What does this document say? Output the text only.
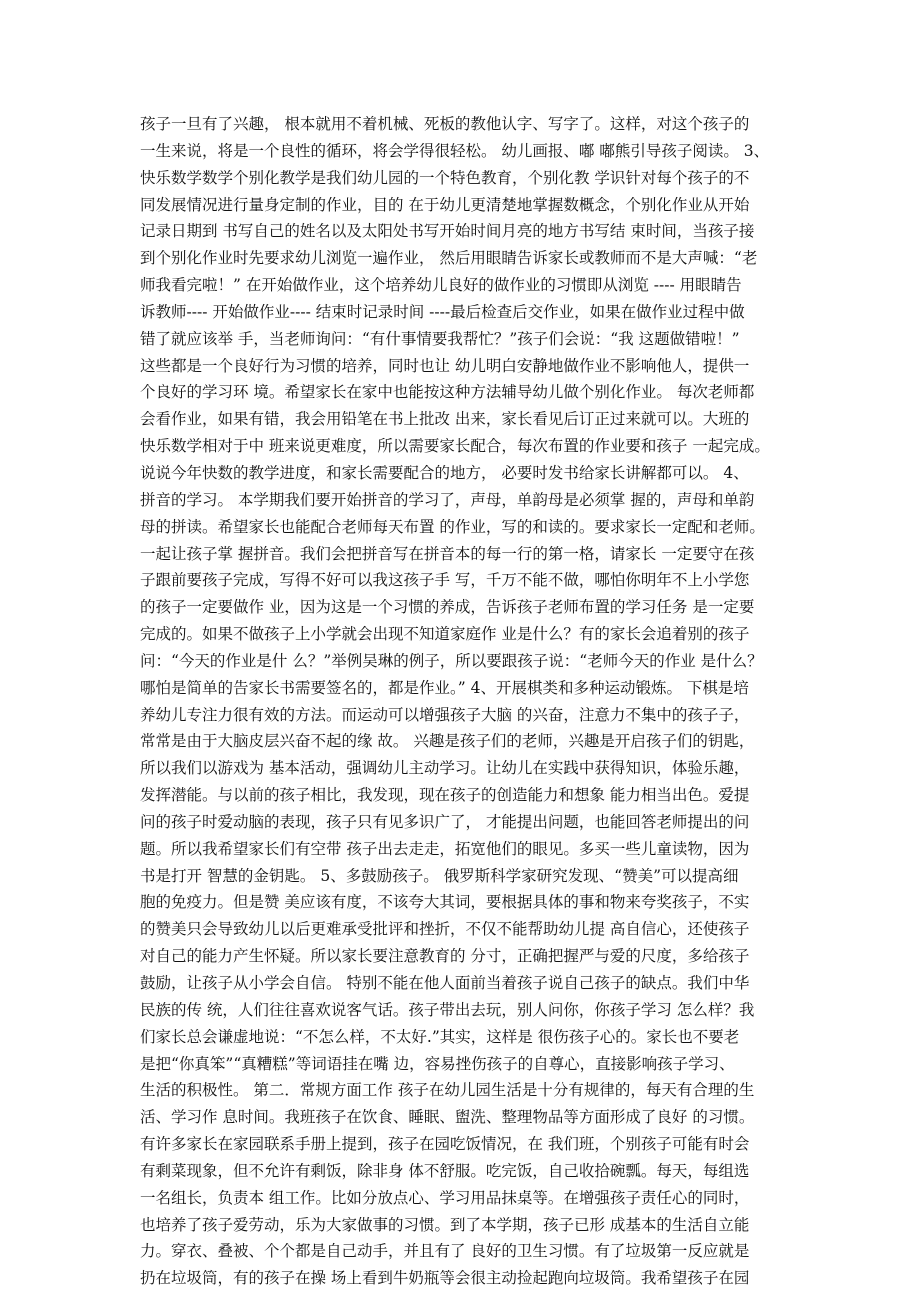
孩子一旦有了兴趣， 根本就用不着机械、死板的教他认字、写字了。这样，对这个孩子的
一生来说，将是一个良性的循环，将会学得很轻松。 幼儿画报、嘟 嘟熊引导孩子阅读。 3、
快乐数学数学个别化教学是我们幼儿园的一个特色教育，个别化教 学识针对每个孩子的不
同发展情况进行量身定制的作业，目的 在于幼儿更清楚地掌握数概念，个别化作业从开始
记录日期到 书写自己的姓名以及太阳处书写开始时间月亮的地方书写结 束时间，当孩子接
到个别化作业时先要求幼儿浏览一遍作业， 然后用眼睛告诉家长或教师而不是大声喊：“老
师我看完啦！” 在开始做作业，这个培养幼儿良好的做作业的习惯即从浏览 ---- 用眼睛告
诉教师---- 开始做作业---- 结束时记录时间 ----最后检查后交作业，如果在做作业过程中做
错了就应该举 手，当老师询问：“有什事情要我帮忙？”孩子们会说：“我 这题做错啦！”
这些都是一个良好行为习惯的培养，同时也让 幼儿明白安静地做作业不影响他人，提供一
个良好的学习环 境。希望家长在家中也能按这种方法辅导幼儿做个别化作业。 每次老师都
会看作业，如果有错，我会用铅笔在书上批改 出来，家长看见后订正过来就可以。大班的
快乐数学相对于中 班来说更难度，所以需要家长配合，每次布置的作业要和孩子 一起完成。
说说今年快数的教学进度，和家长需要配合的地方， 必要时发书给家长讲解都可以。 4、
拼音的学习。 本学期我们要开始拼音的学习了，声母，单韵母是必须掌 握的，声母和单韵
母的拼读。希望家长也能配合老师每天布置 的作业，写的和读的。要求家长一定配和老师。
一起让孩子掌 握拼音。我们会把拼音写在拼音本的每一行的第一格，请家长 一定要守在孩
子跟前要孩子完成，写得不好可以我这孩子手 写，千万不能不做，哪怕你明年不上小学您
的孩子一定要做作 业，因为这是一个习惯的养成，告诉孩子老师布置的学习任务 是一定要
完成的。如果不做孩子上小学就会出现不知道家庭作 业是什么？有的家长会追着别的孩子
问：“今天的作业是什 么？”举例吴琳的例子，所以要跟孩子说：“老师今天的作业 是什么？
哪怕是简单的告家长书需要签名的，都是作业。” 4、开展棋类和多种运动锻炼。 下棋是培
养幼儿专注力很有效的方法。而运动可以增强孩子大脑 的兴奋，注意力不集中的孩子子，
常常是由于大脑皮层兴奋不起的缘 故。 兴趣是孩子们的老师，兴趣是开启孩子们的钥匙，
所以我们以游戏为 基本活动，强调幼儿主动学习。让幼儿在实践中获得知识，体验乐趣，
发挥潜能。与以前的孩子相比，我发现，现在孩子的创造能力和想象 能力相当出色。爱提
问的孩子时爱动脑的表现，孩子只有见多识广了， 才能提出问题，也能回答老师提出的问
题。所以我希望家长们有空带 孩子出去走走，拓宽他们的眼见。多买一些儿童读物，因为
书是打开 智慧的金钥匙。 5、多鼓励孩子。 俄罗斯科学家研究发现、“赞美”可以提高细
胞的免疫力。但是赞 美应该有度，不该夸大其词，要根据具体的事和物来夸奖孩子，不实
的赞美只会导致幼儿以后更难承受批评和挫折，不仅不能帮助幼儿提 高自信心，还使孩子
对自己的能力产生怀疑。所以家长要注意教育的 分寸，正确把握严与爱的尺度，多给孩子
鼓励，让孩子从小学会自信。 特别不能在他人面前当着孩子说自己孩子的缺点。我们中华
民族的传 统，人们往往喜欢说客气话。孩子带出去玩，别人问你，你孩子学习 怎么样？我
们家长总会谦虚地说：“不怎么样，不太好.”其实，这样是 很伤孩子心的。家长也不要老
是把“你真笨”“真糟糕”等词语挂在嘴 边，容易挫伤孩子的自尊心，直接影响孩子学习、
生活的积极性。 第二．常规方面工作 孩子在幼儿园生活是十分有规律的，每天有合理的生
活、学习作 息时间。我班孩子在饮食、睡眠、盥洗、整理物品等方面形成了良好 的习惯。
有许多家长在家园联系手册上提到，孩子在园吃饭情况，在 我们班，个别孩子可能有时会
有剩菜现象，但不允许有剩饭，除非身 体不舒服。吃完饭，自己收拾碗瓢。每天，每组选
一名组长，负责本 组工作。比如分放点心、学习用品抹桌等。在增强孩子责任心的同时，
也培养了孩子爱劳动，乐为大家做事的习惯。到了本学期，孩子已形 成基本的生活自立能
力。穿衣、叠被、个个都是自己动手，并且有了 良好的卫生习惯。有了垃圾第一反应就是
扔在垃圾筒，有的孩子在操 场上看到牛奶瓶等会很主动捡起跑向垃圾筒。我希望孩子在园
